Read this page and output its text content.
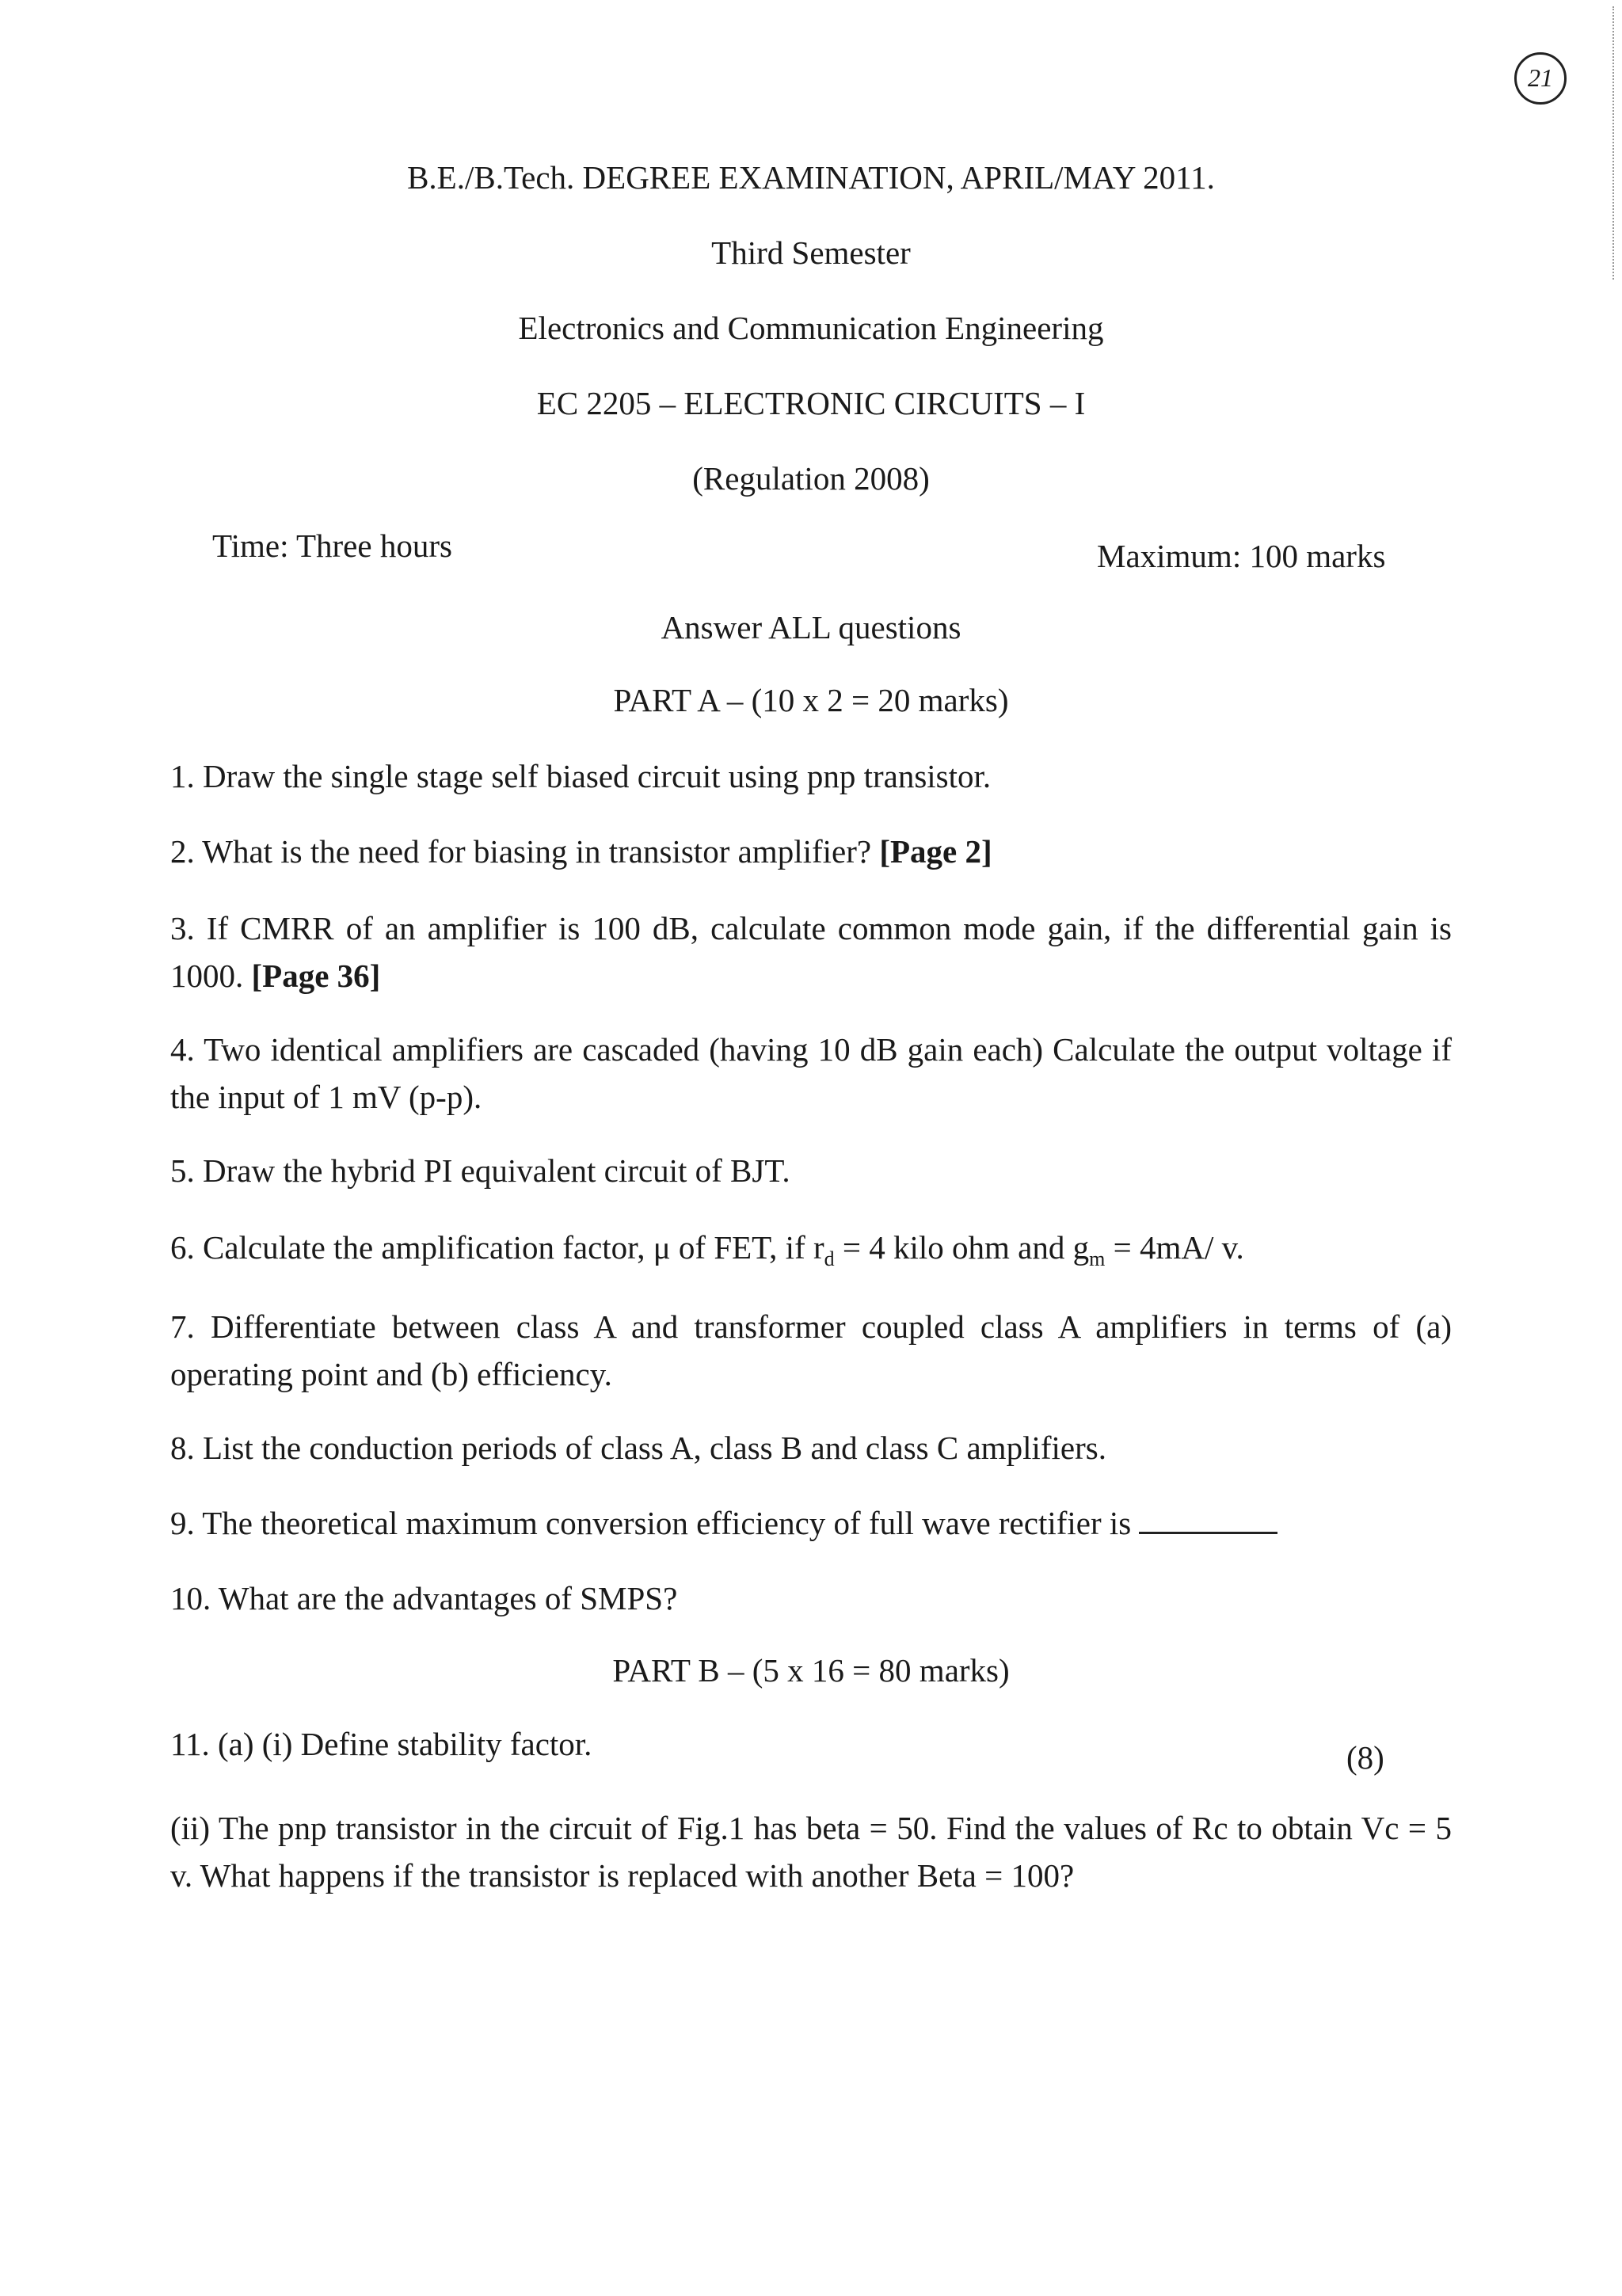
21
B.E./B.Tech. DEGREE EXAMINATION, APRIL/MAY 2011.
Third Semester
Electronics and Communication Engineering
EC 2205 – ELECTRONIC CIRCUITS – I
(Regulation 2008)
Time: Three hours	Maximum: 100 marks
Answer ALL questions
PART A – (10 x 2 = 20 marks)
1. Draw the single stage self biased circuit using pnp transistor.
2. What is the need for biasing in transistor amplifier? [Page 2]
3. If CMRR of an amplifier is 100 dB, calculate common mode gain, if the differential gain is 1000. [Page 36]
4. Two identical amplifiers are cascaded (having 10 dB gain each) Calculate the output voltage if the input of 1 mV (p-p).
5. Draw the hybrid PI equivalent circuit of BJT.
6. Calculate the amplification factor, μ of FET, if $r_d = 4$ kilo ohm and $g_m = 4mA/$ v.
7. Differentiate between class A and transformer coupled class A amplifiers in terms of (a) operating point and (b) efficiency.
8. List the conduction periods of class A, class B and class C amplifiers.
9. The theoretical maximum conversion efficiency of full wave rectifier is
10. What are the advantages of SMPS?
PART B – (5 x 16 = 80 marks)
11. (a) (i) Define stability factor.	(8)
(ii) The pnp transistor in the circuit of Fig.1 has beta = 50. Find the values of Rc to obtain Vc = 5 v. What happens if the transistor is replaced with another Beta = 100?
